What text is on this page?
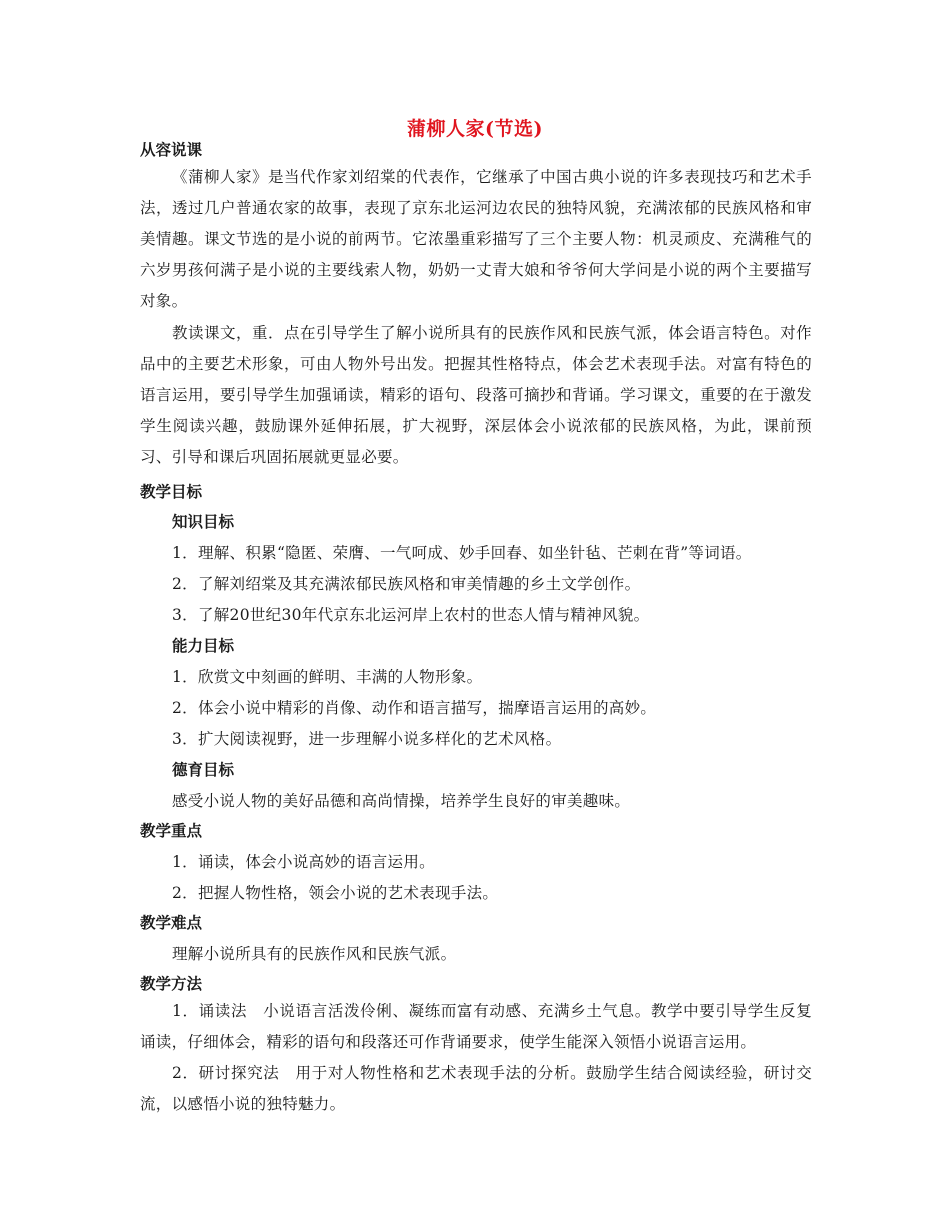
蒲柳人家(节选)
从容说课
《蒲柳人家》是当代作家刘绍棠的代表作，它继承了中国古典小说的许多表现技巧和艺术手法，透过几户普通农家的故事，表现了京东北运河边农民的独特风貌，充满浓郁的民族风格和审美情趣。课文节选的是小说的前两节。它浓墨重彩描写了三个主要人物：机灵顽皮、充满稚气的六岁男孩何满子是小说的主要线索人物，奶奶一丈青大娘和爷爷何大学问是小说的两个主要描写对象。
教读课文，重．点在引导学生了解小说所具有的民族作风和民族气派，体会语言特色。对作品中的主要艺术形象，可由人物外号出发。把握其性格特点，体会艺术表现手法。对富有特色的语言运用，要引导学生加强诵读，精彩的语句、段落可摘抄和背诵。学习课文，重要的在于激发学生阅读兴趣，鼓励课外延伸拓展，扩大视野，深层体会小说浓郁的民族风格，为此，课前预习、引导和课后巩固拓展就更显必要。
教学目标
知识目标
1．理解、积累“隐匿、荣膺、一气呵成、妙手回春、如坐针毡、芒刺在背”等词语。
2．了解刘绍棠及其充满浓郁民族风格和审美情趣的乡土文学创作。
3．了解20世纪30年代京东北运河岸上农村的世态人情与精神风貌。
能力目标
1．欣赏文中刻画的鲜明、丰满的人物形象。
2．体会小说中精彩的肖像、动作和语言描写，揣摩语言运用的高妙。
3．扩大阅读视野，进一步理解小说多样化的艺术风格。
德育目标
感受小说人物的美好品德和高尚情操，培养学生良好的审美趣味。
教学重点
1．诵读，体会小说高妙的语言运用。
2．把握人物性格，领会小说的艺术表现手法。
教学难点
理解小说所具有的民族作风和民族气派。
教学方法
1．诵读法　小说语言活泼伶俐、凝练而富有动感、充满乡土气息。教学中要引导学生反复诵读，仔细体会，精彩的语句和段落还可作背诵要求，使学生能深入领悟小说语言运用。
2．研讨探究法　用于对人物性格和艺术表现手法的分析。鼓励学生结合阅读经验，研讨交流，以感悟小说的独特魅力。
